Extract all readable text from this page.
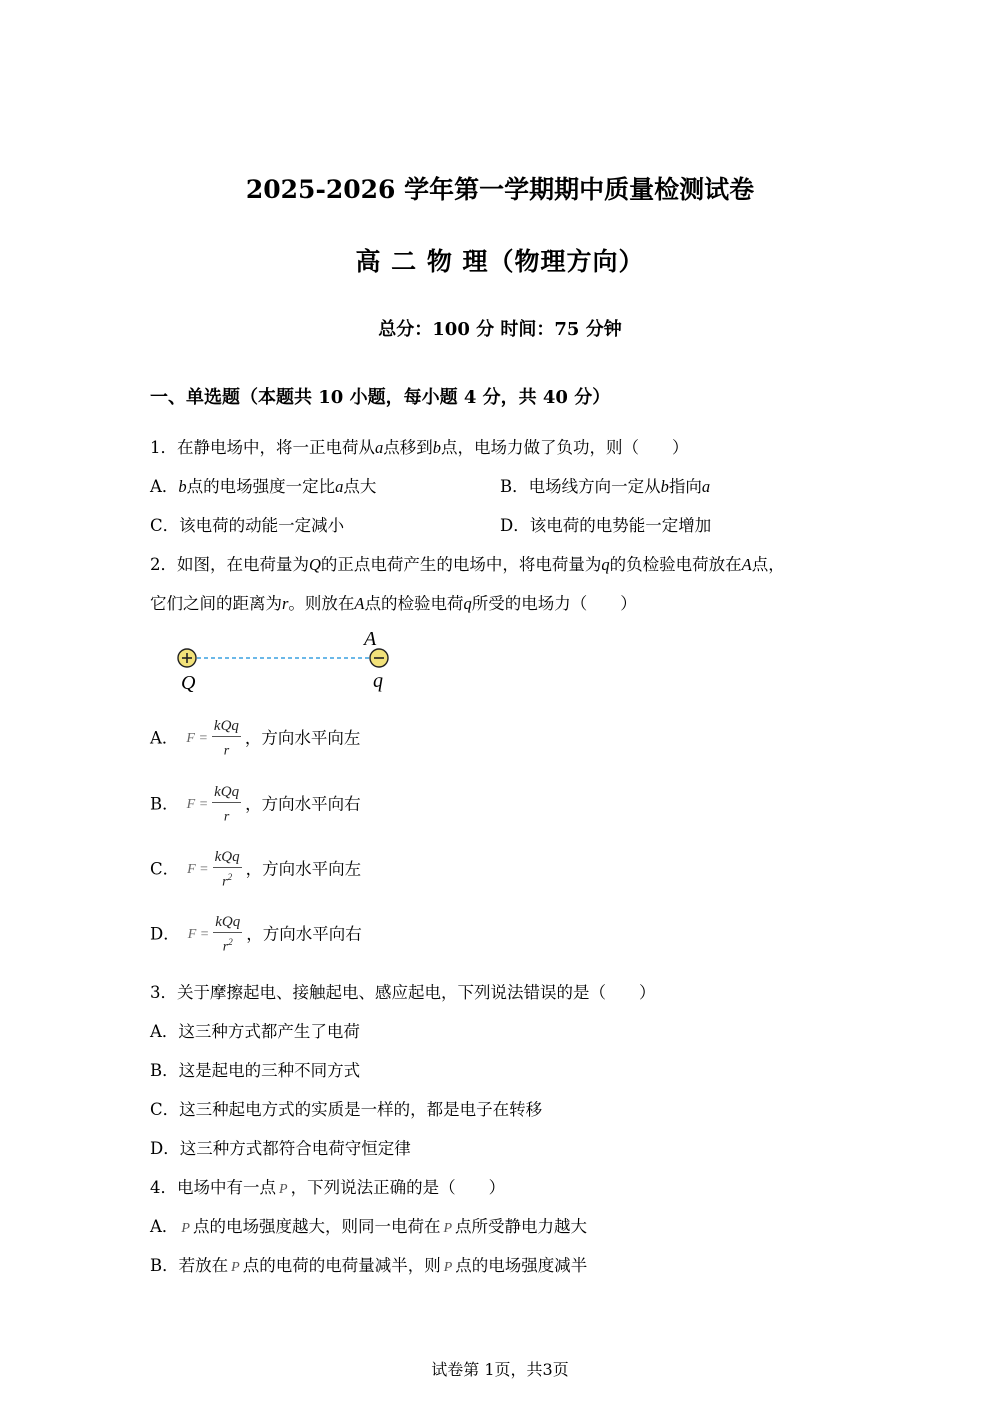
2025-2026 学年第一学期期中质量检测试卷
高 二 物 理（物理方向）
总分：100 分 时间：75 分钟
一、单选题（本题共 10 小题，每小题 4 分，共 40 分）
1．在静电场中，将一正电荷从a点移到b点，电场力做了负功，则（　　）
A．b点的电场强度一定比a点大	B．电场线方向一定从b指向a
C．该电荷的动能一定减小	D．该电荷的电势能一定增加
2．如图，在电荷量为Q的正点电荷产生的电场中，将电荷量为q的负检验电荷放在A点，
它们之间的距离为r。则放在A点的检验电荷q所受的电场力（　　）
Q
A
q
A． $F = \frac{\text{kQq}}{r}$ ，方向水平向左
B． $F = \frac{\text{kQq}}{r}$ ，方向水平向右
C． $F = \frac{\text{kQq}}{r^2}$ ，方向水平向左
D． $F = \frac{\text{kQq}}{r^2}$ ，方向水平向右
3．关于摩擦起电、接触起电、感应起电，下列说法错误的是（　　）
A．这三种方式都产生了电荷
B．这是起电的三种不同方式
C．这三种起电方式的实质是一样的，都是电子在转移
D．这三种方式都符合电荷守恒定律
4．电场中有一点 P ，下列说法正确的是（　　）
A． P 点的电场强度越大，则同一电荷在 P 点所受静电力越大
B．若放在 P 点的电荷的电荷量减半，则 P 点的电场强度减半
试卷第 1页，共3页
